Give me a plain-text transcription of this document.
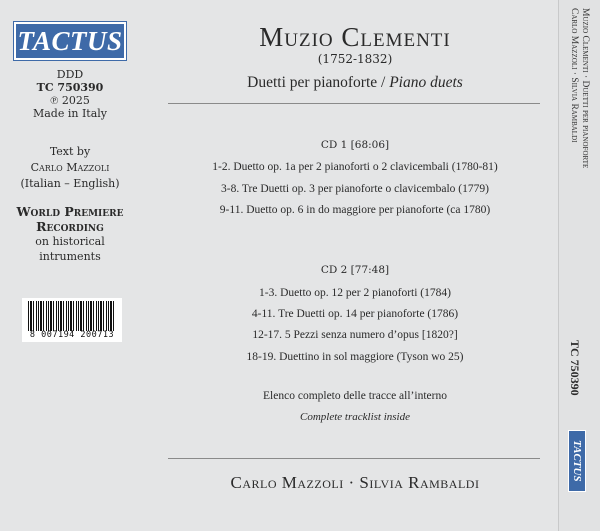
TACTUS
DDD
TC 750390
℗ 2025
Made in Italy
Text by
Carlo Mazzoli
(Italian – English)
World Premiere
Recording
on historical
intruments
8 007194 200713
Muzio Clementi
(1752-1832)
Duetti per pianoforte / Piano duets
CD 1 [68:06]
1-2. Duetto op. 1a per 2 pianoforti o 2 clavicembali (1780-81)
3-8. Tre Duetti op. 3 per pianoforte o clavicembalo (1779)
9-11. Duetto op. 6 in do maggiore per pianoforte (ca 1780)
CD 2 [77:48]
1-3. Duetto op. 12 per 2 pianoforti (1784)
4-11. Tre Duetti op. 14 per pianoforte (1786)
12-17. 5 Pezzi senza numero d’opus [1820?]
18-19. Duettino in sol maggiore (Tyson wo 25)
Elenco completo delle tracce all’interno
Complete tracklist inside
Carlo Mazzoli · Silvia Rambaldi
Muzio Clementi · Duetti per pianoforte
Carlo Mazzoli · Silvia Rambaldi
TC 750390
TACTUS
